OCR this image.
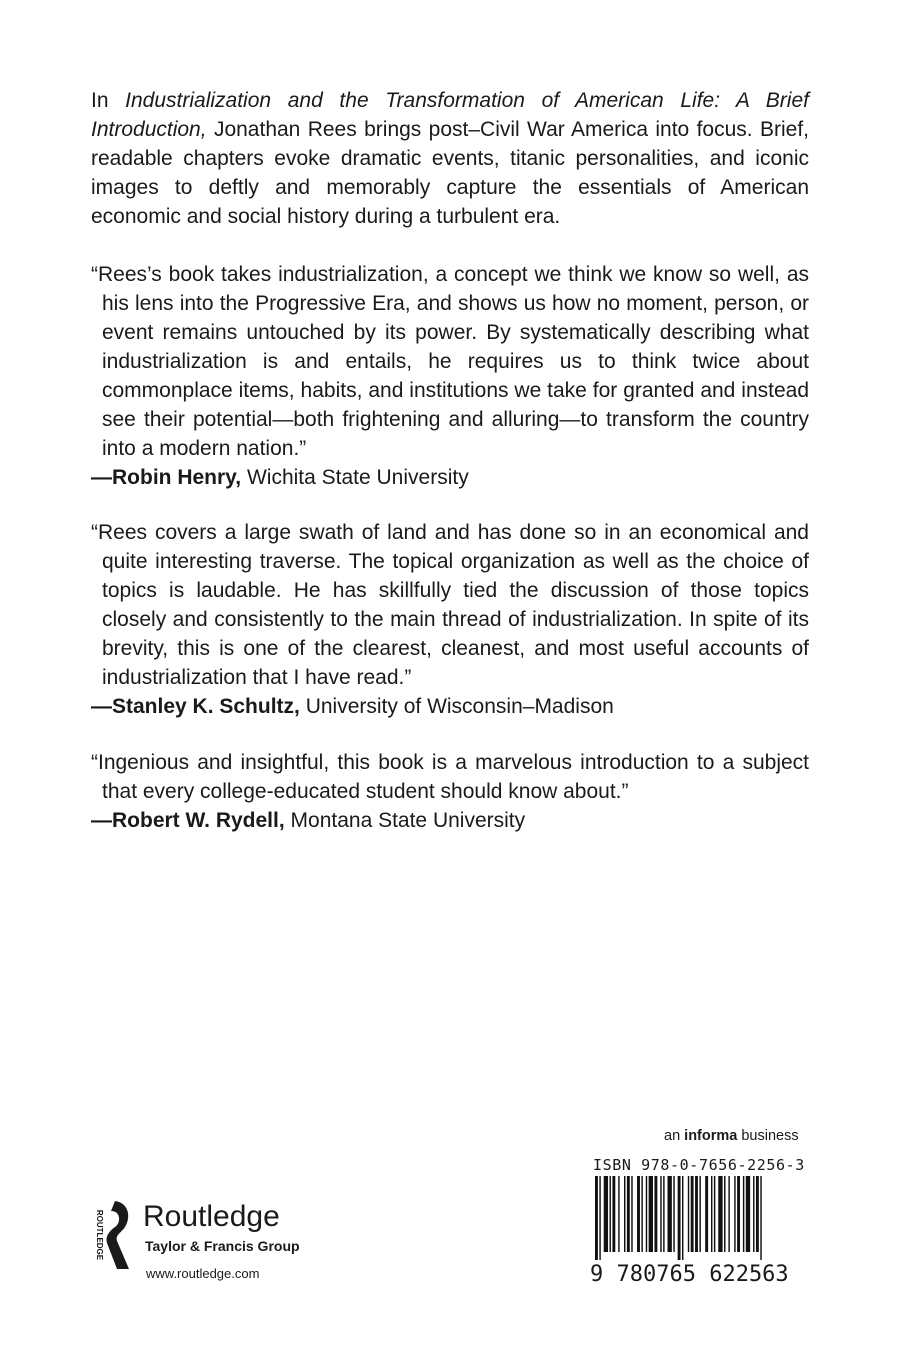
In Industrialization and the Transformation of American Life: A Brief Introduction, Jonathan Rees brings post–Civil War America into focus. Brief, readable chapters evoke dramatic events, titanic personalities, and iconic images to deftly and memorably capture the essentials of American economic and social history during a turbulent era.

“Rees’s book takes industrialization, a concept we think we know so well, as his lens into the Progressive Era, and shows us how no moment, person, or event remains untouched by its power. By systematically describing what industrialization is and entails, he requires us to think twice about commonplace items, habits, and institutions we take for granted and instead see their potential—both frightening and alluring—to transform the country into a modern nation.”

—Robin Henry, Wichita State University

“Rees covers a large swath of land and has done so in an economical and quite interesting traverse. The topical organization as well as the choice of topics is laudable. He has skillfully tied the discussion of those topics closely and consistently to the main thread of industrialization. In spite of its brevity, this is one of the clearest, cleanest, and most useful accounts of industrialization that I have read.”

—Stanley K. Schultz, University of Wisconsin–Madison

“Ingenious and insightful, this book is a marvelous introduction to a subject that every college-educated student should know about.”

—Robert W. Rydell, Montana State University

an informa business
ISBN 978-0-7656-2256-3
9 780765 622563
ROUTLEDGE Routledge
Taylor & Francis Group
www.routledge.com
